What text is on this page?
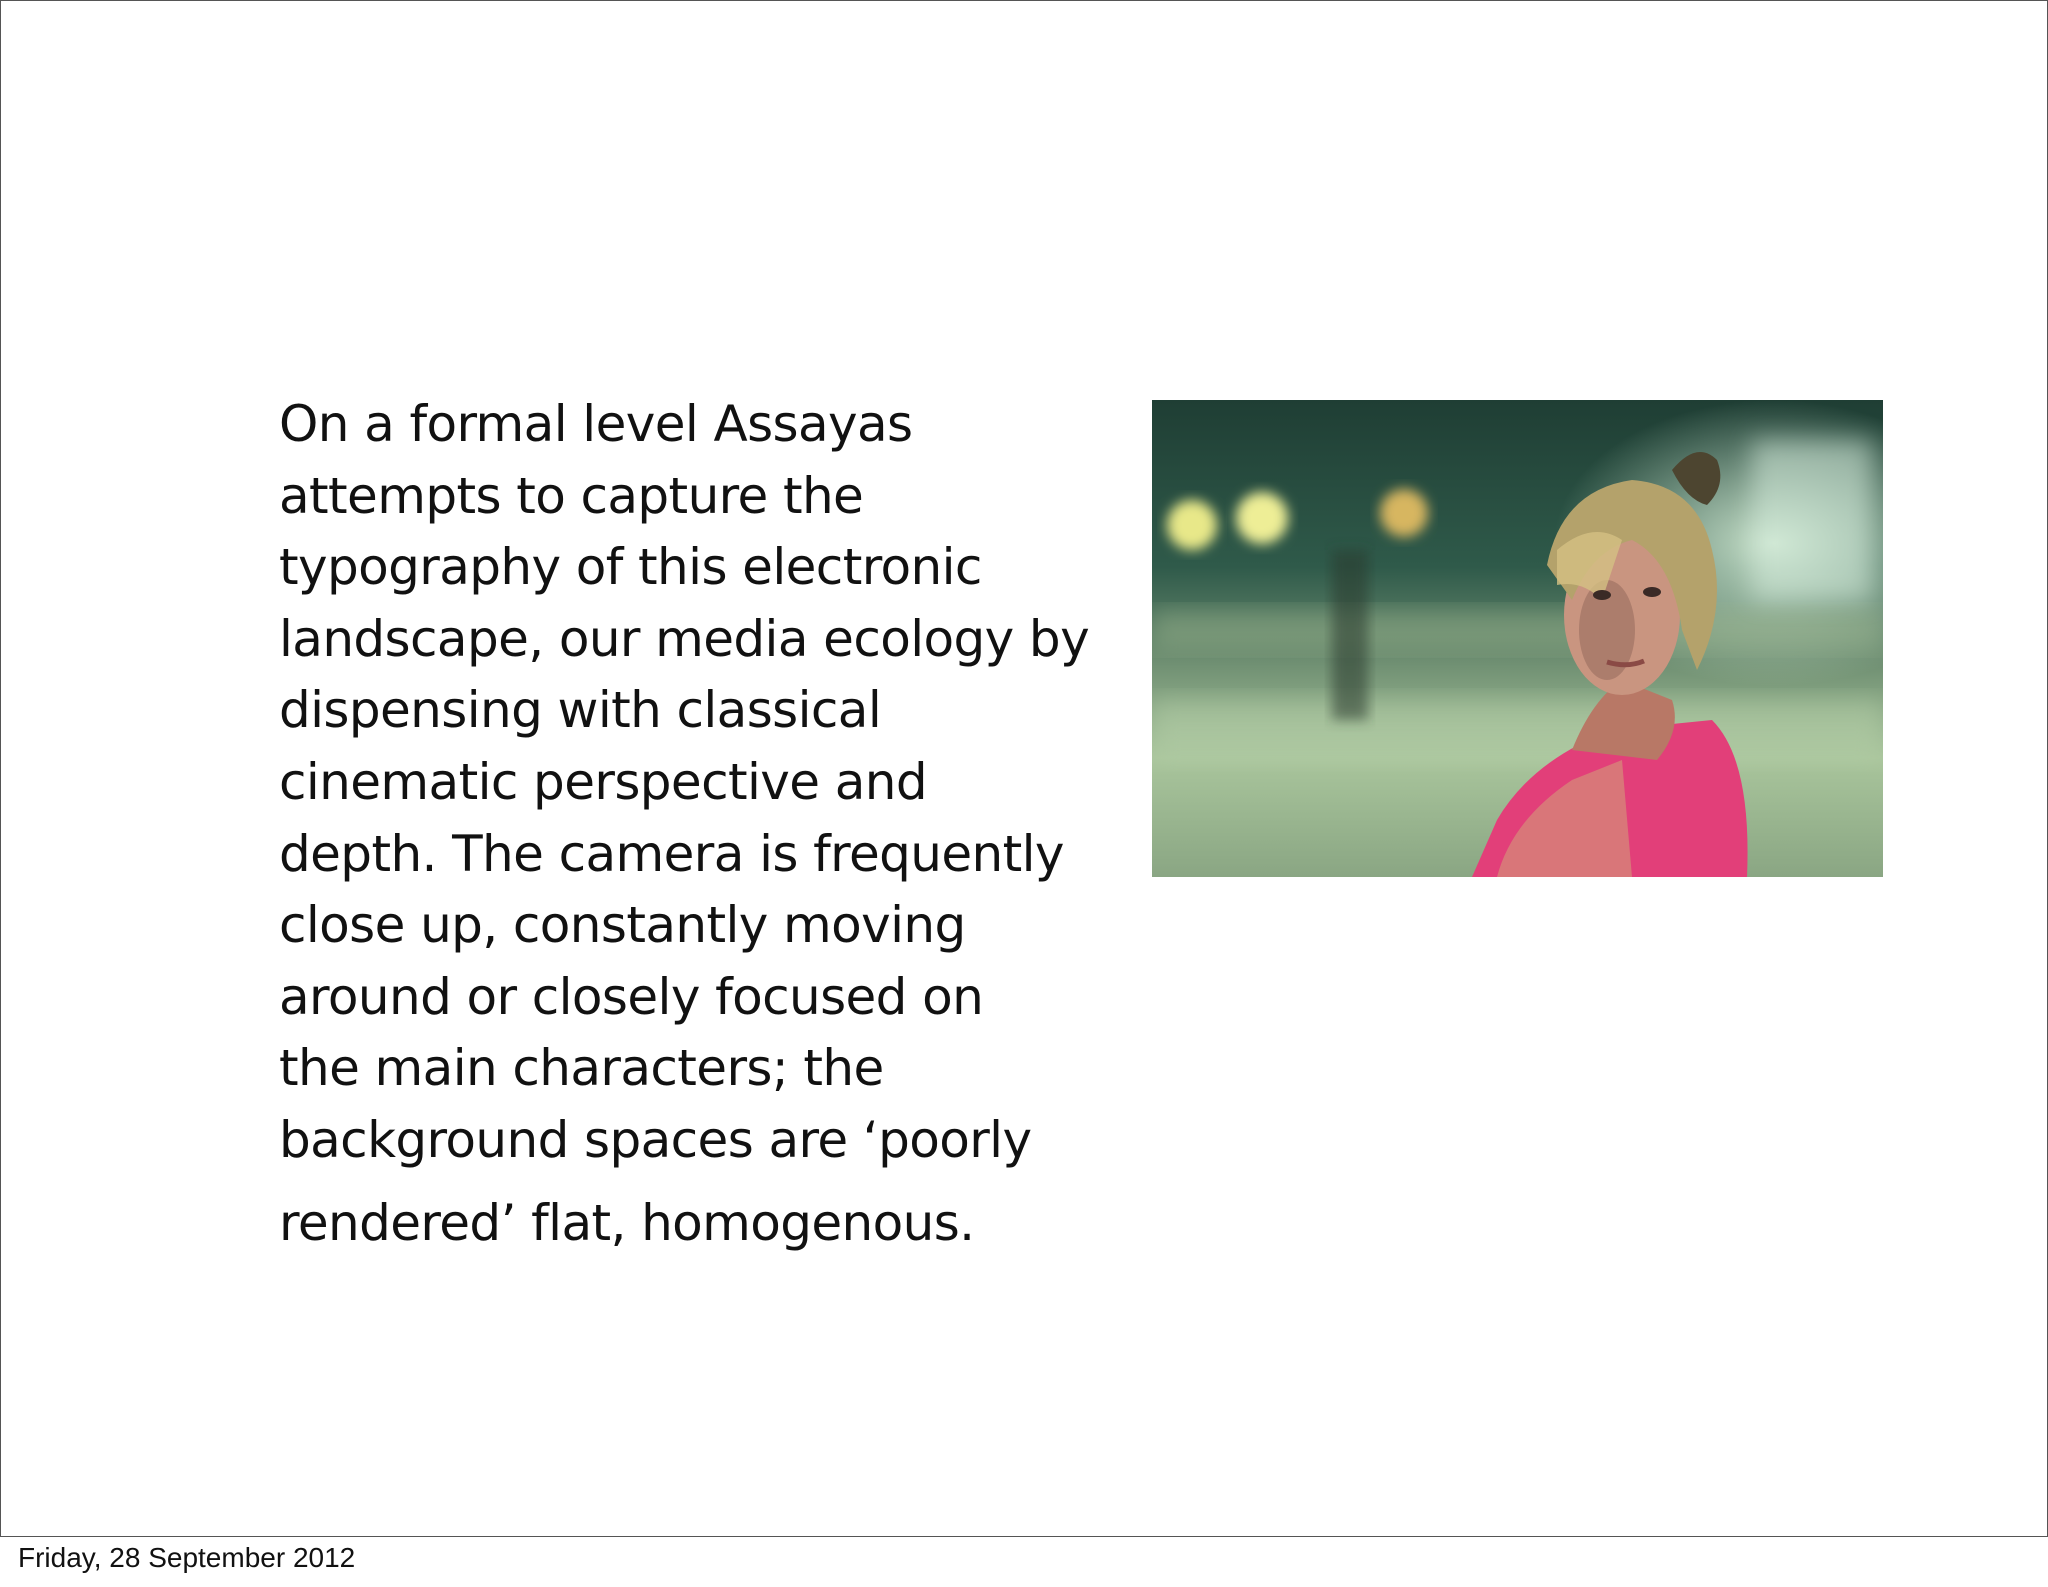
On a formal level Assayas
attempts to capture the
typography of this electronic
landscape, our media ecology by
dispensing with classical
cinematic perspective and
depth. The camera is frequently
close up, constantly moving
around or closely focused on
the main characters; the
background spaces are ‘poorly
rendered’ flat, homogenous.

Friday, 28 September 2012
